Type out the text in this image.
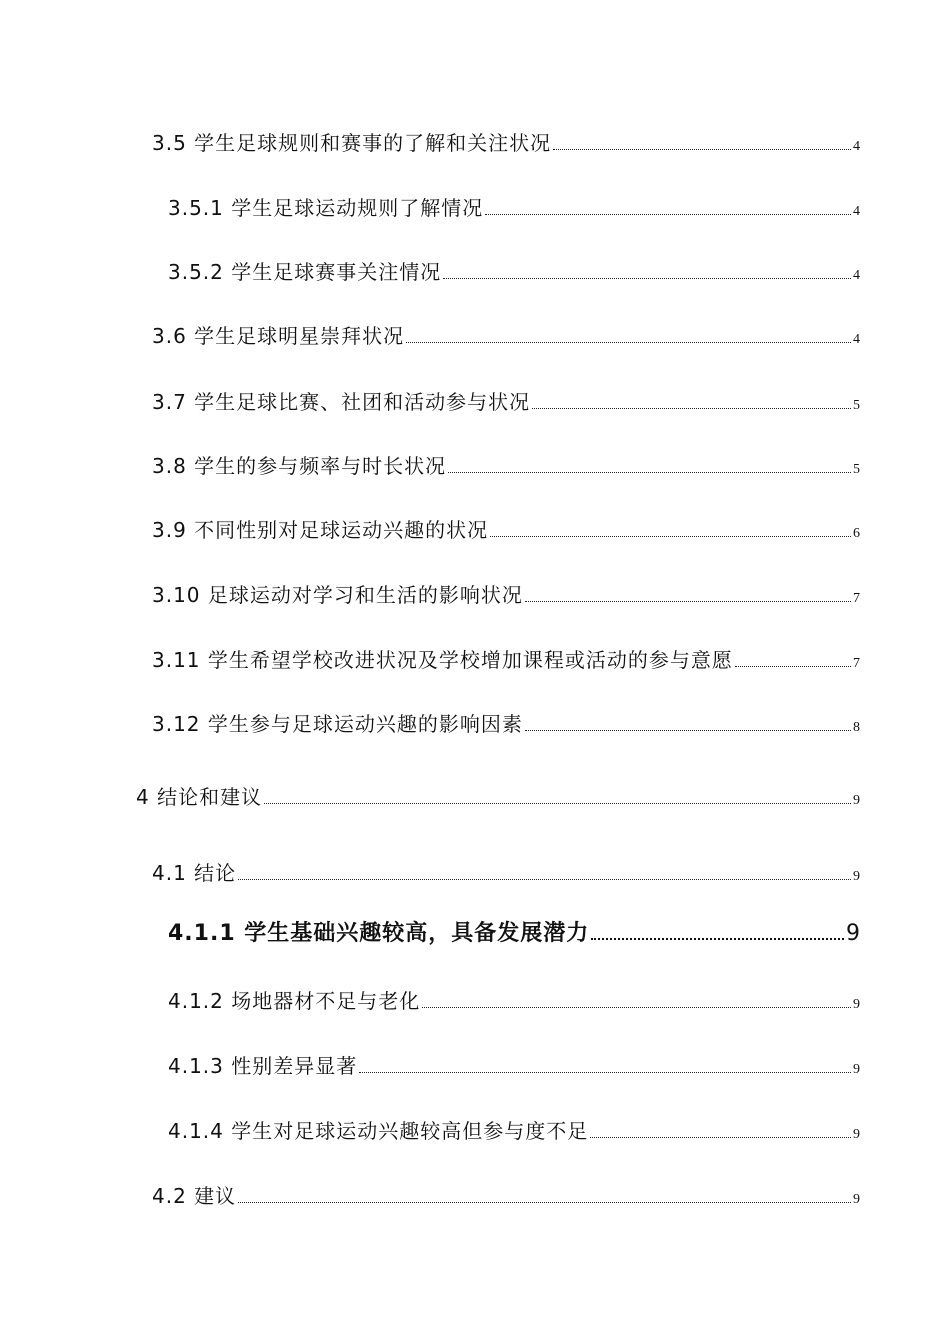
3.5 学生足球规则和赛事的了解和关注状况	4
3.5.1 学生足球运动规则了解情况	4
3.5.2 学生足球赛事关注情况	4
3.6 学生足球明星崇拜状况	4
3.7 学生足球比赛、社团和活动参与状况	5
3.8 学生的参与频率与时长状况	5
3.9 不同性别对足球运动兴趣的状况	6
3.10 足球运动对学习和生活的影响状况	7
3.11 学生希望学校改进状况及学校增加课程或活动的参与意愿	7
3.12 学生参与足球运动兴趣的影响因素	8
4 结论和建议	9
4.1 结论	9
4.1.1 学生基础兴趣较高，具备发展潜力	9
4.1.2 场地器材不足与老化	9
4.1.3 性别差异显著	9
4.1.4 学生对足球运动兴趣较高但参与度不足	9
4.2 建议	9
